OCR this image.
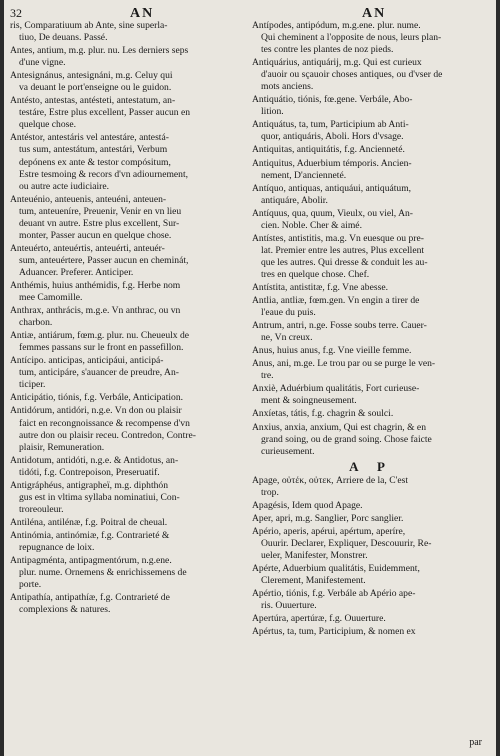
32	AN	AN
ris, Comparatiuum ab Ante, sine superla-
tiuo, De deuans. Passé.
Antes, antium, m.g. plur. nu. Les derniers seps
d'une vigne.
Antesignánus, antesignáni, m.g. Celuy qui
va deuant le port'enseigne ou le guidon.
Antésto, antestas, antésteti, antestatum, an-
testáre, Estre plus excellent, Passer aucun en
quelque chose.
Antéstor, antestáris vel antestáre, antestá-
tus sum, antestátum, antestári, Verbum
depónens ex ante & testor compósitum,
Estre tesmoing & recors d'vn adiournement,
ou autre acte iudiciaire.
Anteuénio, anteuenis, anteuéni, anteuen-
tum, anteueníre, Preuenir, Venir en vn lieu
deuant vn autre. Estre plus excellent, Sur-
monter, Passer aucun en quelque chose.
Anteuérto, anteuértis, anteuérti, anteuér-
sum, anteuértere, Passer aucun en cheminát,
Aduancer. Preferer. Anticiper.
Anthémis, huius anthémidis, f.g. Herbe nom
mee Camomille.
Anthrax, anthrácis, m.g.e. Vn anthrac, ou vn
charbon.
Antiæ, antiárum, fœm.g. plur. nu. Cheueulx de
femmes passans sur le front en passefillon.
Antícipo. anticipas, anticipáui, anticipá-
tum, anticipáre, s'auancer de preudre, An-
ticiper.
Anticipátio, tiónis, f.g. Verbále, Anticipation.
Antidórum, antidóri, n.g.e. Vn don ou plaisir
faict en recongnoissance & recompense d'vn
autre don ou plaisir receu. Contredon, Contre-
plaisir, Remuneration.
Antidotum, antidóti, n.g.e. & Antidotus, an-
tidóti, f.g. Contrepoison, Preseruatif.
Antigráphéus, antigrapheï, m.g. diphthón
gus est in vltima syllaba nominatiui, Con-
troreouleur.
Antiléna, antilénæ, f.g. Poitral de cheual.
Antinómia, antinómiæ, f.g. Contrarieté &
repugnance de loix.
Antipagménta, antipagmentórum, n.g.ene.
plur. nume. Ornemens & enrichissemens de
porte.
Antipathía, antipathíæ, f.g. Contrarieté de
complexions & natures.
Antípodes, antipódum, m.g.ene. plur. nume.
Qui cheminent a l'opposite de nous, leurs plan-
tes contre les plantes de noz pieds.
Antiquárius, antiquárij, m.g. Qui est curieux
d'auoir ou sçauoir choses antiques, ou d'vser de
mots anciens.
Antiquátio, tiónis, fœ.gene. Verbále, Abo-
lition.
Antiquátus, ta, tum, Participium ab Anti-
quor, antiquáris, Aboli. Hors d'vsage.
Antiquitas, antiquitátis, f.g. Ancienneté.
Antiquitus, Aduerbium témporis. Ancien-
nement, D'ancienneté.
Antíquo, antiquas, antiquáui, antiquátum,
antiquáre, Abolir.
Antíquus, qua, quum, Vieulx, ou viel, An-
cien. Noble. Cher & aimé.
Antístes, antistitis, ma.g. Vn euesque ou pre-
lat. Premier entre les autres, Plus excellent
que les autres. Qui dresse & conduit les au-
tres en quelque chose. Chef.
Antístita, antistitæ, f.g. Vne abesse.
Antlia, antliæ, fœm.gen. Vn engin a tirer de
l'eaue du puis.
Antrum, antri, n.ge. Fosse soubs terre. Cauer-
ne, Vn creux.
Anus, huius anus, f.g. Vne vieille femme.
Anus, ani, m.ge. Le trou par ou se purge le ven-
tre.
Anxiè, Aduérbium qualitátis, Fort curieuse-
ment & soingneusement.
Anxíetas, tátis, f.g. chagrin & soulci.
Anxius, anxia, anxium, Qui est chagrin, & en
grand soing, ou de grand soing. Chose faicte
curieusement.
A P
Apage, οὐτέκ, οὐτεκ, Arriere de la, C'est
trop.
Apagésis, Idem quod Apage.
Aper, apri, m.g. Sanglier, Porc sanglier.
Apério, aperis, apérui, apértum, aperíre,
Ouurir. Declarer, Expliquer, Descouurir, Re-
ueler, Manifester, Monstrer.
Apérte, Aduerbium qualitátis, Euidemment,
Clerement, Manifestement.
Apértio, tiónis, f.g. Verbále ab Apério ape-
ris. Ouuerture.
Apertúra, apertúræ, f.g. Ouuerture.
Apértus, ta, tum, Participium, & nomen ex
par
